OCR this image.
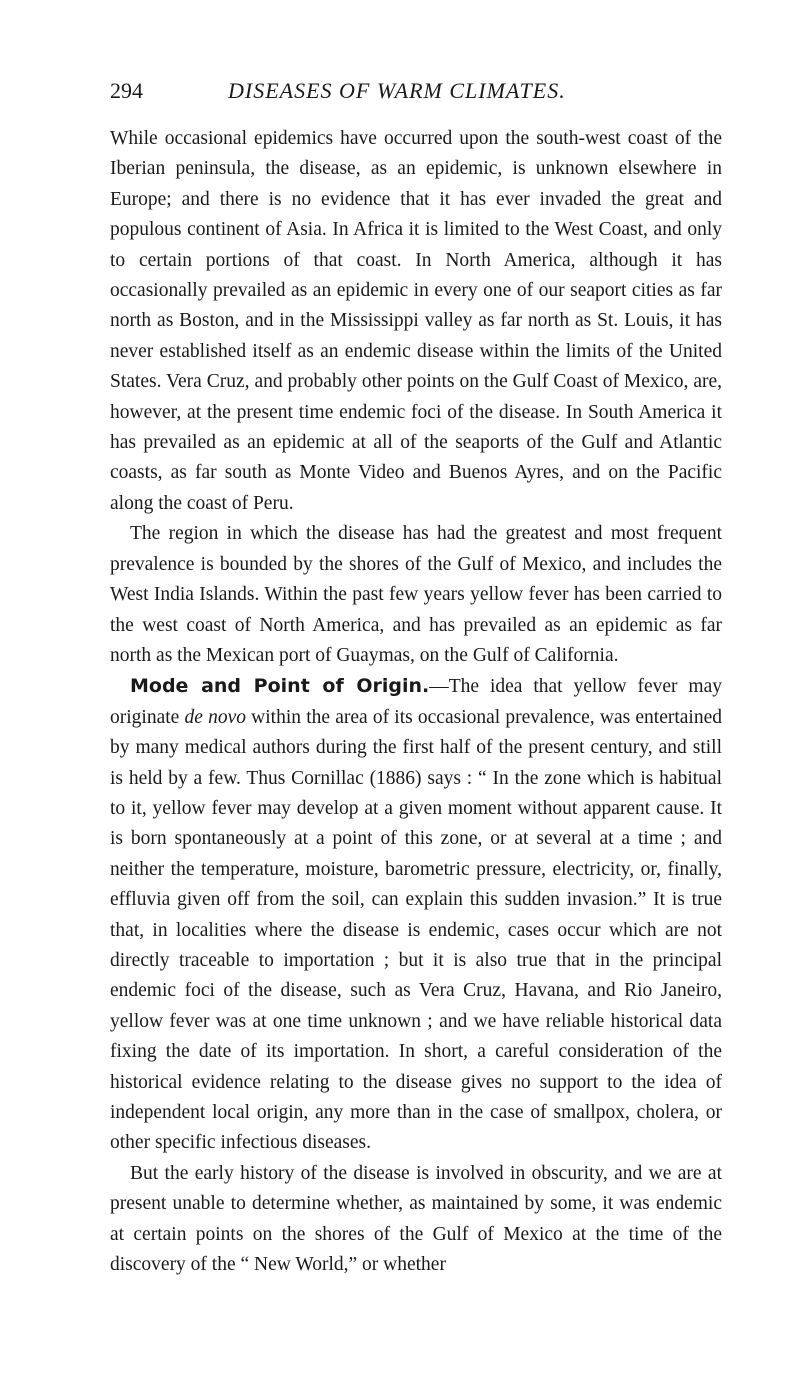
294	DISEASES OF WARM CLIMATES.

While occasional epidemics have occurred upon the south-west coast of the Iberian peninsula, the disease, as an epidemic, is unknown elsewhere in Europe; and there is no evidence that it has ever invaded the great and populous continent of Asia. In Africa it is limited to the West Coast, and only to certain portions of that coast. In North America, although it has occasionally prevailed as an epidemic in every one of our seaport cities as far north as Boston, and in the Mississippi valley as far north as St. Louis, it has never established itself as an endemic disease within the limits of the United States. Vera Cruz, and probably other points on the Gulf Coast of Mexico, are, however, at the present time endemic foci of the disease. In South America it has prevailed as an epidemic at all of the seaports of the Gulf and Atlantic coasts, as far south as Monte Video and Buenos Ayres, and on the Pacific along the coast of Peru.

The region in which the disease has had the greatest and most frequent prevalence is bounded by the shores of the Gulf of Mexico, and includes the West India Islands. Within the past few years yellow fever has been carried to the west coast of North America, and has prevailed as an epidemic as far north as the Mexican port of Guaymas, on the Gulf of California.

Mode and Point of Origin.—The idea that yellow fever may originate de novo within the area of its occasional prevalence, was entertained by many medical authors during the first half of the present century, and still is held by a few. Thus Cornillac (1886) says : “ In the zone which is habitual to it, yellow fever may develop at a given moment without apparent cause. It is born spontaneously at a point of this zone, or at several at a time ; and neither the temperature, moisture, barometric pressure, electricity, or, finally, effluvia given off from the soil, can explain this sudden invasion.” It is true that, in localities where the disease is endemic, cases occur which are not directly traceable to importation ; but it is also true that in the principal endemic foci of the disease, such as Vera Cruz, Havana, and Rio Janeiro, yellow fever was at one time unknown ; and we have reliable historical data fixing the date of its importation. In short, a careful consideration of the historical evidence relating to the disease gives no support to the idea of independent local origin, any more than in the case of smallpox, cholera, or other specific infectious diseases.

But the early history of the disease is involved in obscurity, and we are at present unable to determine whether, as maintained by some, it was endemic at certain points on the shores of the Gulf of Mexico at the time of the discovery of the “ New World,” or whether
